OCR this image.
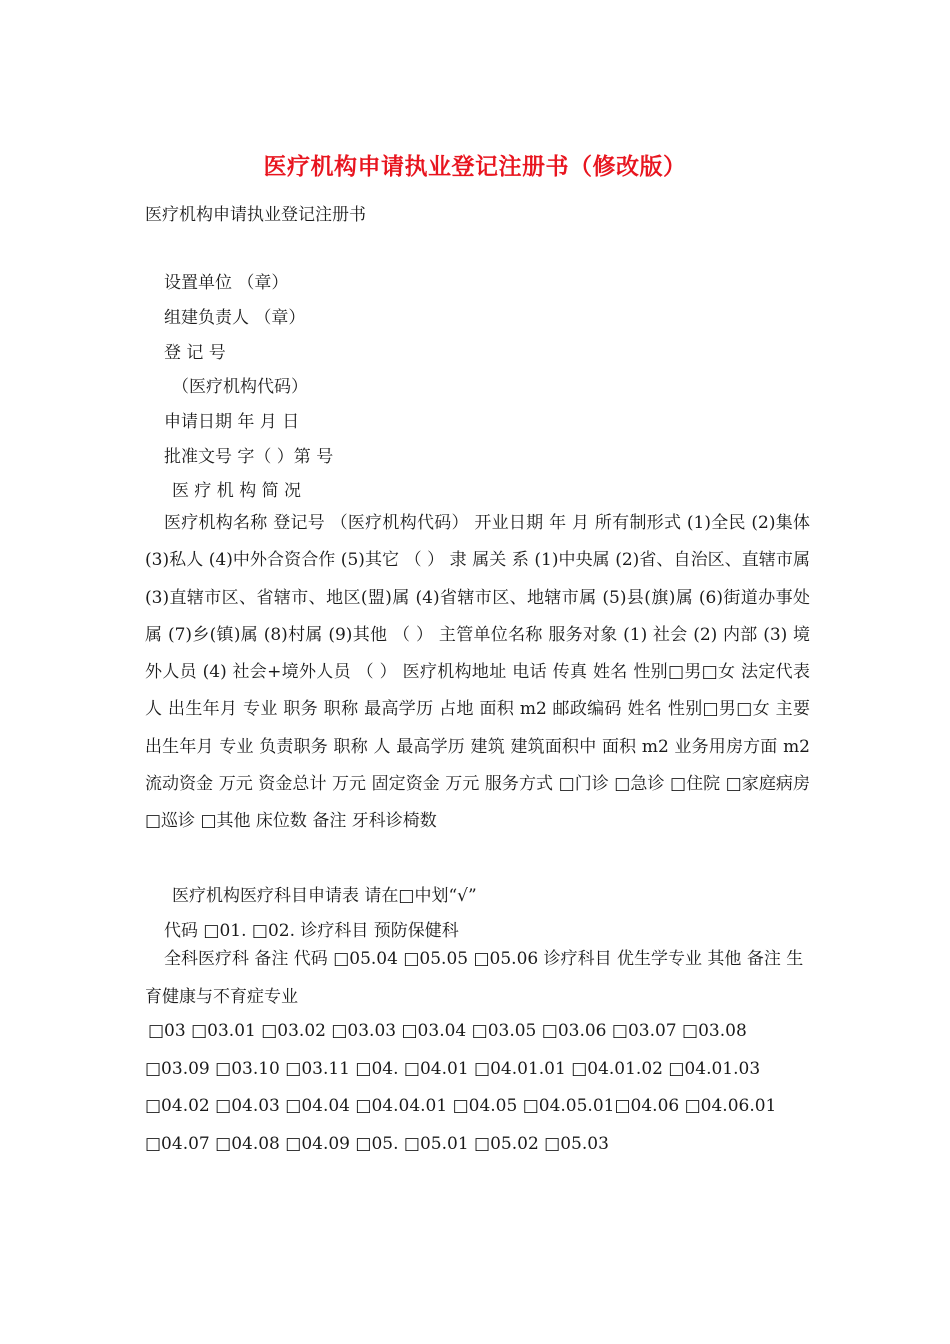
医疗机构申请执业登记注册书（修改版）
医疗机构申请执业登记注册书
设置单位 （章）
组建负责人 （章）
登 记 号
（医疗机构代码）
申请日期 年 月 日
批准文号 字（ ）第 号
医 疗 机 构 简 况
医疗机构名称 登记号 （医疗机构代码） 开业日期 年 月 所有制形式 (1)全民 (2)集体 (3)私人 (4)中外合资合作 (5)其它 （ ） 隶 属关 系 (1)中央属 (2)省、自治区、直辖市属 (3)直辖市区、省辖市、地区(盟)属 (4)省辖市区、地辖市属 (5)县(旗)属 (6)街道办事处属 (7)乡(镇)属 (8)村属 (9)其他 （ ） 主管单位名称 服务对象 (1) 社会 (2) 内部 (3) 境外人员 (4) 社会+境外人员 （ ） 医疗机构地址 电话 传真 姓名 性别□男□女 法定代表人 出生年月 专业 职务 职称 最高学历 占地 面积 m2 邮政编码 姓名 性别□男□女 主要出生年月 专业 负责职务 职称 人 最高学历 建筑 建筑面积中 面积 m2 业务用房方面 m2 流动资金 万元 资金总计 万元 固定资金 万元 服务方式 □门诊 □急诊 □住院 □家庭病房 □巡诊 □其他 床位数 备注 牙科诊椅数
医疗机构医疗科目申请表 请在□中划“√”
代码 □01. □02. 诊疗科目 预防保健科
全科医疗科 备注 代码 □05.04 □05.05 □05.06 诊疗科目 优生学专业 其他 备注 生育健康与不育症专业
□03 □03.01 □03.02 □03.03 □03.04 □03.05 □03.06 □03.07 □03.08 □03.09 □03.10 □03.11 □04. □04.01 □04.01.01 □04.01.02 □04.01.03 □04.02 □04.03 □04.04 □04.04.01 □04.05 □04.05.01□04.06 □04.06.01 □04.07 □04.08 □04.09 □05. □05.01 □05.02 □05.03
